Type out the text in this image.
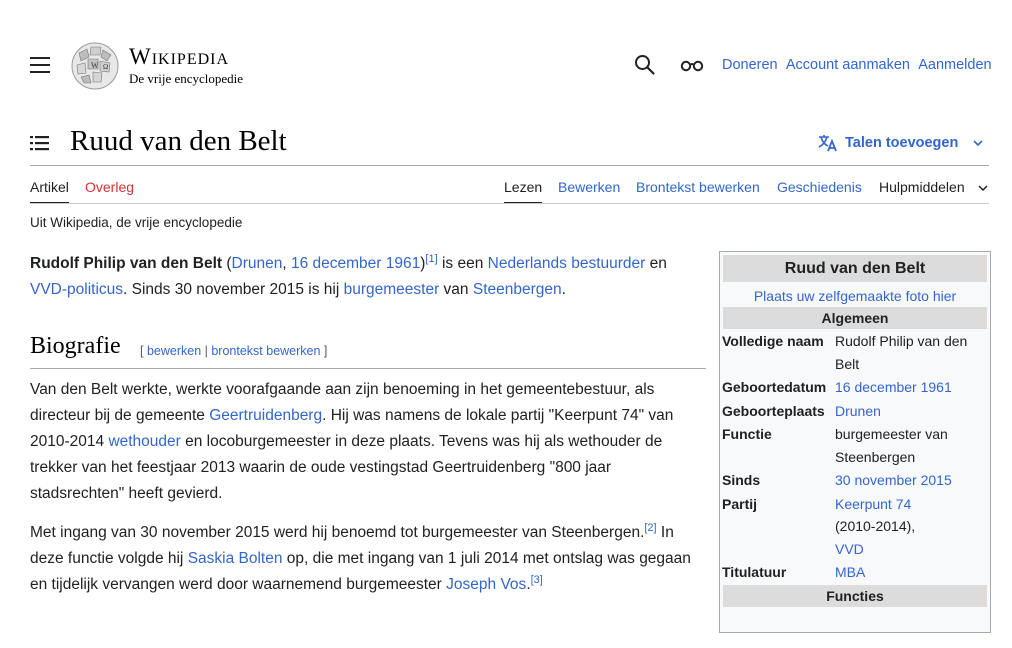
W Ω Wikipedia
De vrije encyclopedie
Doneren Account aanmaken Aanmelden
Ruud van den Belt	Talen toevoegen
Artikel Overleg	Lezen Bewerken Brontekst bewerken Geschiedenis Hulpmiddelen
Uit Wikipedia, de vrije encyclopedie

Rudolf Philip van den Belt (Drunen, 16 december 1961)[1] is een Nederlands bestuurder en VVD-politicus. Sinds 30 november 2015 is hij burgemeester van Steenbergen.

Biografie [ bewerken | brontekst bewerken ]

Van den Belt werkte, werkte voorafgaande aan zijn benoeming in het gemeentebestuur, als directeur bij de gemeente Geertruidenberg. Hij was namens de lokale partij "Keerpunt 74" van 2010-2014 wethouder en locoburgemeester in deze plaats. Tevens was hij als wethouder de trekker van het feestjaar 2013 waarin de oude vestingstad Geertruidenberg "800 jaar stadsrechten" heeft gevierd.

Met ingang van 30 november 2015 werd hij benoemd tot burgemeester van Steenbergen.[2] In deze functie volgde hij Saskia Bolten op, die met ingang van 1 juli 2014 met ontslag was gegaan en tijdelijk vervangen werd door waarnemend burgemeester Joseph Vos.[3]

Ruud van den Belt
Plaats uw zelfgemaakte foto hier
Algemeen
Volledige naam Rudolf Philip van den Belt
Geboortedatum 16 december 1961
Geboorteplaats Drunen
Functie	burgemeester van Steenbergen
Sinds	30 november 2015
Partij	Keerpunt 74
(2010-2014),
VVD
Titulatuur	MBA
Functies
